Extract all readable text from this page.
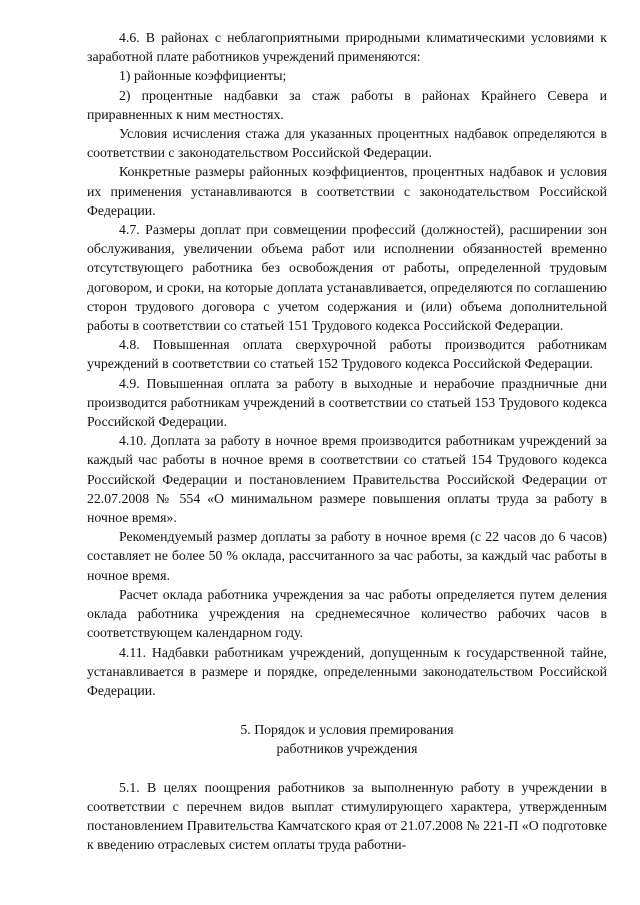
4.6. В районах с неблагоприятными природными климатическими условиями к заработной плате работников учреждений применяются:

1) районные коэффициенты;

2) процентные надбавки за стаж работы в районах Крайнего Севера и приравненных к ним местностях.

Условия исчисления стажа для указанных процентных надбавок определяются в соответствии с законодательством Российской Федерации.

Конкретные размеры районных коэффициентов, процентных надбавок и условия их применения устанавливаются в соответствии с законодательством Российской Федерации.

4.7. Размеры доплат при совмещении профессий (должностей), расширении зон обслуживания, увеличении объема работ или исполнении обязанностей временно отсутствующего работника без освобождения от работы, определенной трудовым договором, и сроки, на которые доплата устанавливается, определяются по соглашению сторон трудового договора с учетом содержания и (или) объема дополнительной работы в соответствии со статьей 151 Трудового кодекса Российской Федерации.

4.8. Повышенная оплата сверхурочной работы производится работникам учреждений в соответствии со статьей 152 Трудового кодекса Российской Федерации.

4.9. Повышенная оплата за работу в выходные и нерабочие праздничные дни производится работникам учреждений в соответствии со статьей 153 Трудового кодекса Российской Федерации.

4.10. Доплата за работу в ночное время производится работникам учреждений за каждый час работы в ночное время в соответствии со статьей 154 Трудового кодекса Российской Федерации и постановлением Правительства Российской Федерации от 22.07.2008 № 554 «О минимальном размере повышения оплаты труда за работу в ночное время».

Рекомендуемый размер доплаты за работу в ночное время (с 22 часов до 6 часов) составляет не более 50 % оклада, рассчитанного за час работы, за каждый час работы в ночное время.

Расчет оклада работника учреждения за час работы определяется путем деления оклада работника учреждения на среднемесячное количество рабочих часов в соответствующем календарном году.

4.11. Надбавки работникам учреждений, допущенным к государственной тайне, устанавливается в размере и порядке, определенными законодательством Российской Федерации.

5. Порядок и условия премирования

работников учреждения

5.1. В целях поощрения работников за выполненную работу в учреждении в соответствии с перечнем видов выплат стимулирующего характера, утвержденным постановлением Правительства Камчатского края от 21.07.2008 № 221-П «О подготовке к введению отраслевых систем оплаты труда работни-
